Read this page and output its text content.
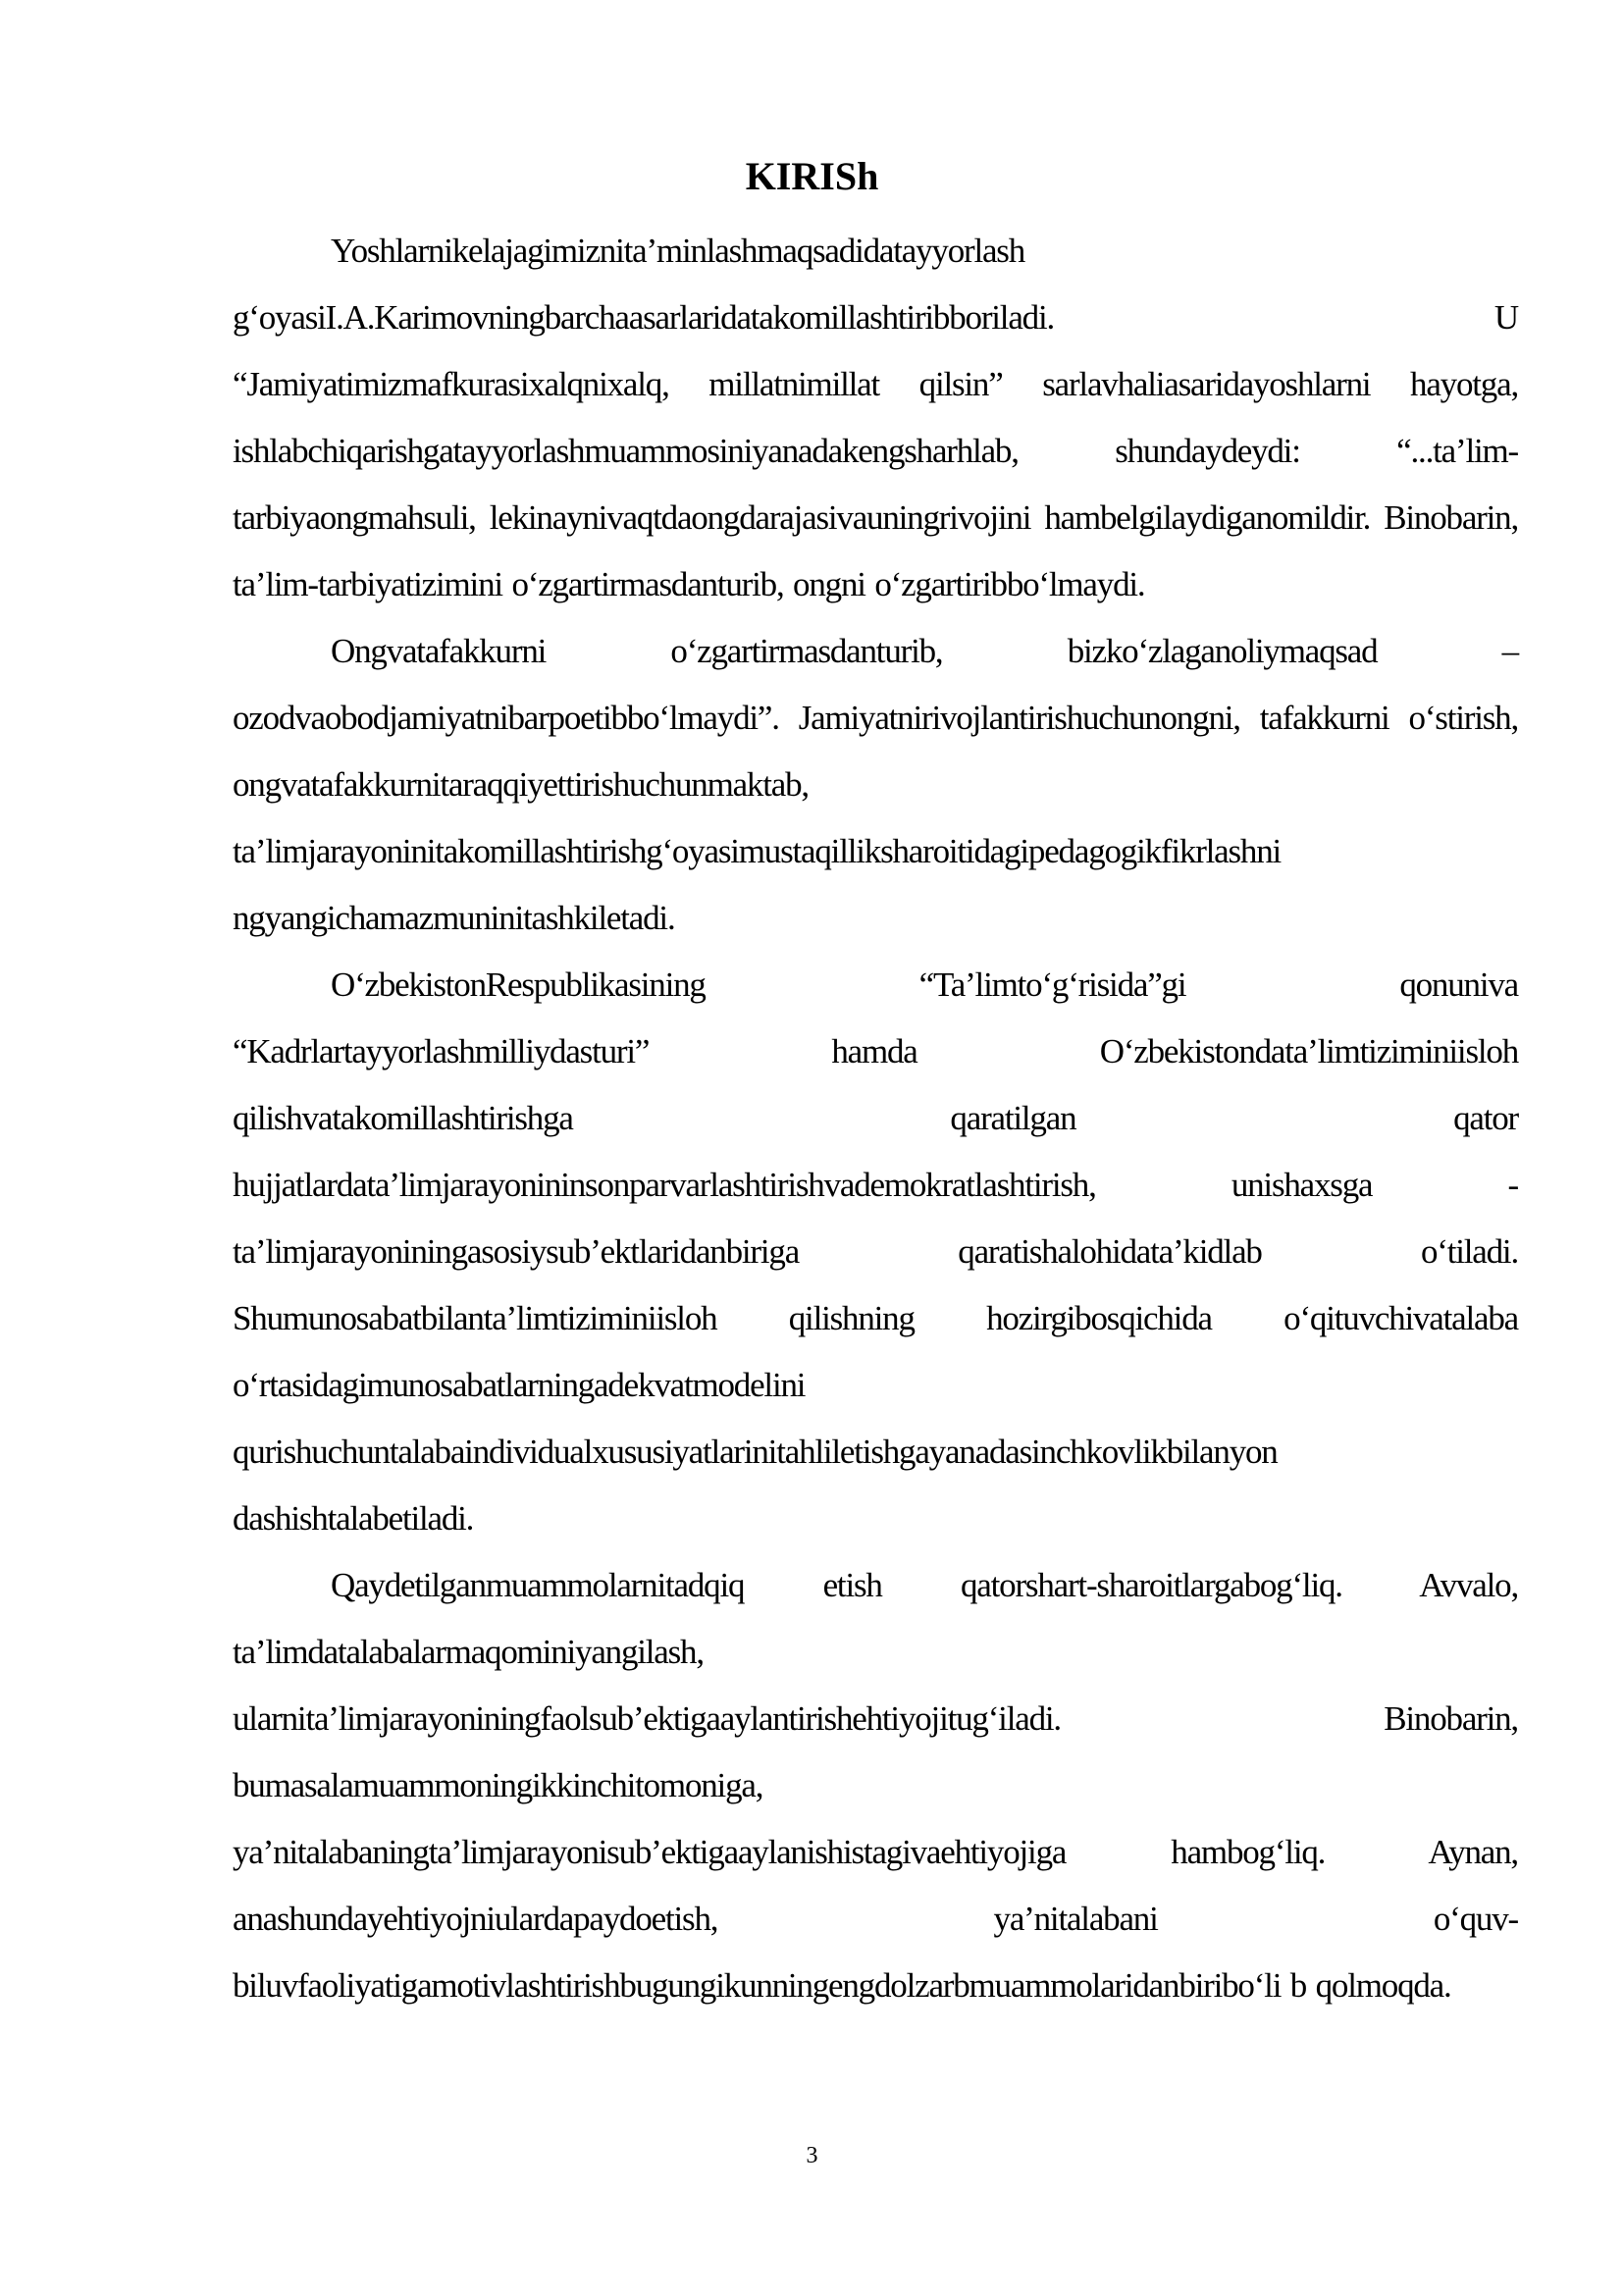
KIRISh

Yoshlarnikelajagimiznita’minlashmaqsadidatayyorlash g‘oyasiI.A.Karimovningbarchaasarlaridatakomillashtiribboriladi. U “Jamiyatimizmafkurasixalqnixalq, millatnimillat qilsin” sarlavhaliasaridayoshlarni hayotga, ishlabchiqarishgatayyorlashmuammosiniyanadakengsharhlab, shundaydeydi: “...ta’lim-tarbiyaongmahsuli, lekinaynivaqtdaongdarajasivauningrivojini hambelgilaydiganomildir. Binobarin, ta’lim-tarbiyatizimini o‘zgartirmasdanturib, ongni o‘zgartiribbo‘lmaydi.

Ongvatafakkurni o‘zgartirmasdanturib, bizko‘zlaganoliymaqsad – ozodvaobodjamiyatnibarpoetibbo‘lmaydi”. Jamiyatnirivojlantirishuchunongni, tafakkurni o‘stirish, ongvatafakkurnitaraqqiyettirishuchunmaktab, ta’limjarayoninitakomillashtirishg‘oyasimustaqilliksharoitidagipedagogikfikrlashni ngyangichamazmuninitashkiletadi.

O‘zbekistonRespublikasining “Ta’limto‘g‘risida”gi qonuniva “Kadrlartayyorlashmilliydasturi” hamda O‘zbekistondata’limtiziminiisloh qilishvatakomillashtirishga qaratilgan qator hujjatlardata’limjarayonininsonparvarlashtirishvademokratlashtirish, unishaxsga - ta’limjarayoniningasosiysub’ektlaridanbiriga qaratishalohidata’kidlab o‘tiladi. Shumunosabatbilanta’limtiziminiisloh qilishning hozirgibosqichida o‘qituvchivatalaba o‘rtasidagimunosabatlarningadekvatmodelini qurishuchuntalabaindividualxususiyatlarinitahliletishgayanadasinchkovlikbilanyon dashishtalabetiladi.

Qaydetilganmuammolarnitadqiq etish qatorshart-sharoitlargabog‘liq. Avvalo, ta’limdatalabalarmaqominiyangilash, ularnita’limjarayoniningfaolsub’ektigaaylantirishehtiyojitug‘iladi. Binobarin, bumasalamuammoningikkinchitomoniga, ya’nitalabaningta’limjarayonisub’ektigaaylanishistagivaehtiyojiga hambog‘liq. Aynan, anashundayehtiyojniulardapaydoetish, ya’nitalabani o‘quv-biluvfaoliyatigamotivlashtirishbugungikunningengdolzarbmuammolaridanbiribo‘li b qolmoqda.

3
